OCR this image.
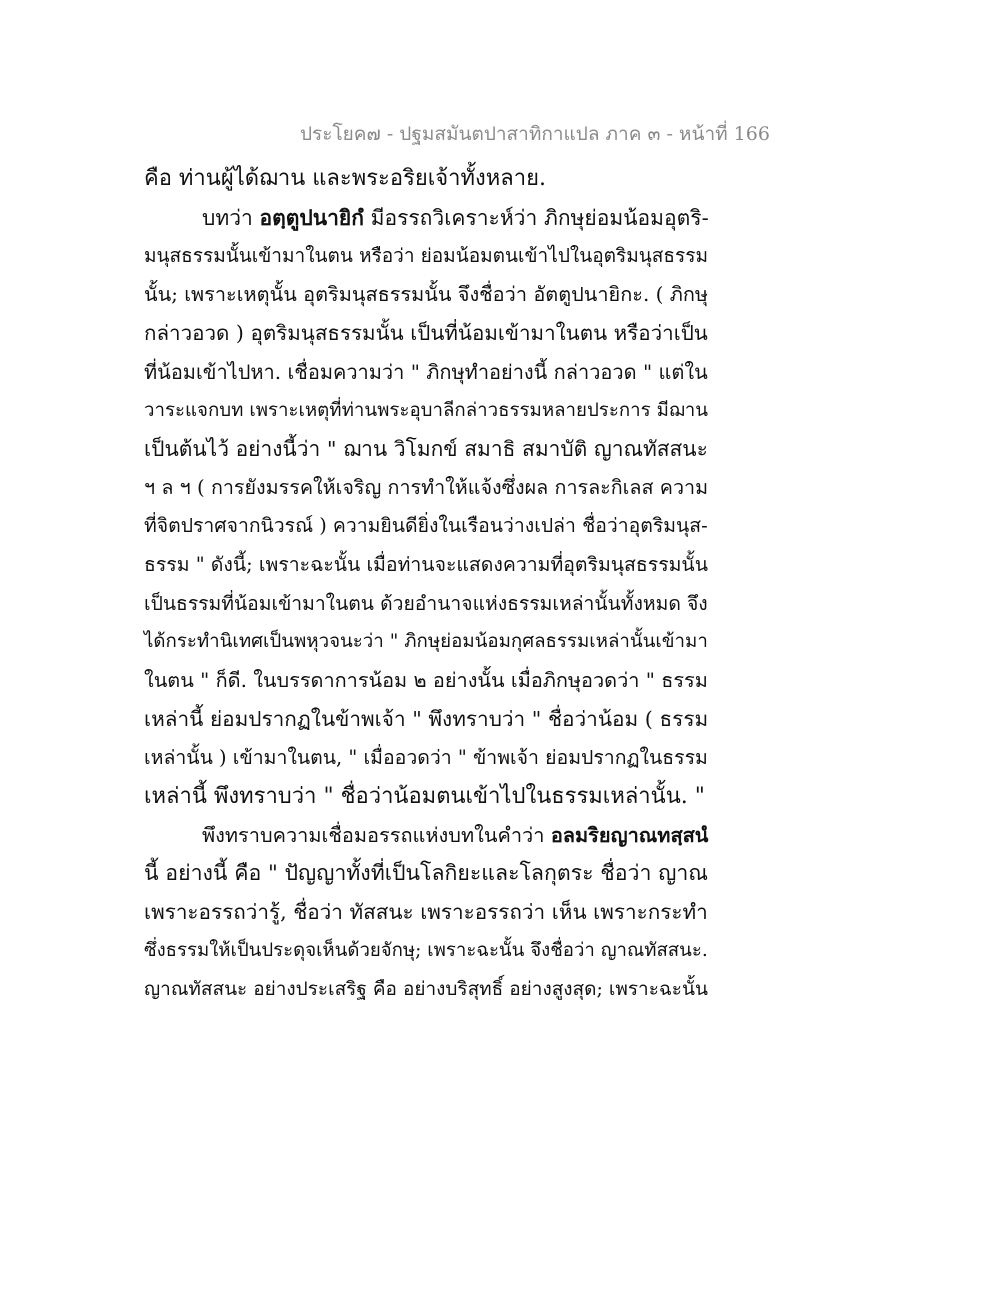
ประโยค๗ - ปฐมสมันตปาสาทิกาแปล ภาค ๓ - หน้าที่ 166
คือ ท่านผู้ได้ฌาน และพระอริยเจ้าทั้งหลาย.
บทว่า อตฺตูปนายิกํ มีอรรถวิเคราะห์ว่า ภิกษุย่อมน้อมอุตริ-
มนุสธรรมนั้นเข้ามาในตน หรือว่า ย่อมน้อมตนเข้าไปในอุตริมนุสธรรม
นั้น; เพราะเหตุนั้น อุตริมนุสธรรมนั้น จึงชื่อว่า อัตตูปนายิกะ. ( ภิกษุ
กล่าวอวด ) อุตริมนุสธรรมนั้น เป็นที่น้อมเข้ามาในตน หรือว่าเป็น
ที่น้อมเข้าไปหา. เชื่อมความว่า " ภิกษุทำอย่างนี้ กล่าวอวด " แต่ใน
วาระแจกบท เพราะเหตุที่ท่านพระอุบาลีกล่าวธรรมหลายประการ มีฌาน
เป็นต้นไว้ อย่างนี้ว่า " ฌาน วิโมกข์ สมาธิ สมาบัติ ญาณทัสสนะ
ฯ ล ฯ ( การยังมรรคให้เจริญ การทำให้แจ้งซึ่งผล การละกิเลส ความ
ที่จิตปราศจากนิวรณ์ ) ความยินดียิ่งในเรือนว่างเปล่า ชื่อว่าอุตริมนุส-
ธรรม " ดังนี้; เพราะฉะนั้น เมื่อท่านจะแสดงความที่อุตริมนุสธรรมนั้น
เป็นธรรมที่น้อมเข้ามาในตน ด้วยอำนาจแห่งธรรมเหล่านั้นทั้งหมด จึง
ได้กระทำนิเทศเป็นพหุวจนะว่า " ภิกษุย่อมน้อมกุศลธรรมเหล่านั้นเข้ามา
ในตน " ก็ดี. ในบรรดาการน้อม ๒ อย่างนั้น เมื่อภิกษุอวดว่า " ธรรม
เหล่านี้ ย่อมปรากฏในข้าพเจ้า " พึงทราบว่า " ชื่อว่าน้อม ( ธรรม
เหล่านั้น ) เข้ามาในตน, " เมื่ออวดว่า " ข้าพเจ้า ย่อมปรากฏในธรรม
เหล่านี้ พึงทราบว่า " ชื่อว่าน้อมตนเข้าไปในธรรมเหล่านั้น. "
พึงทราบความเชื่อมอรรถแห่งบทในคำว่า อลมริยญาณทสฺสนํ
นี้ อย่างนี้ คือ " ปัญญาทั้งที่เป็นโลกิยะและโลกุตระ ชื่อว่า ญาณ
เพราะอรรถว่ารู้, ชื่อว่า ทัสสนะ เพราะอรรถว่า เห็น เพราะกระทำ
ซึ่งธรรมให้เป็นประดุจเห็นด้วยจักษุ; เพราะฉะนั้น จึงชื่อว่า ญาณทัสสนะ.
ญาณทัสสนะ อย่างประเสริฐ คือ อย่างบริสุทธิ์ อย่างสูงสุด; เพราะฉะนั้น
